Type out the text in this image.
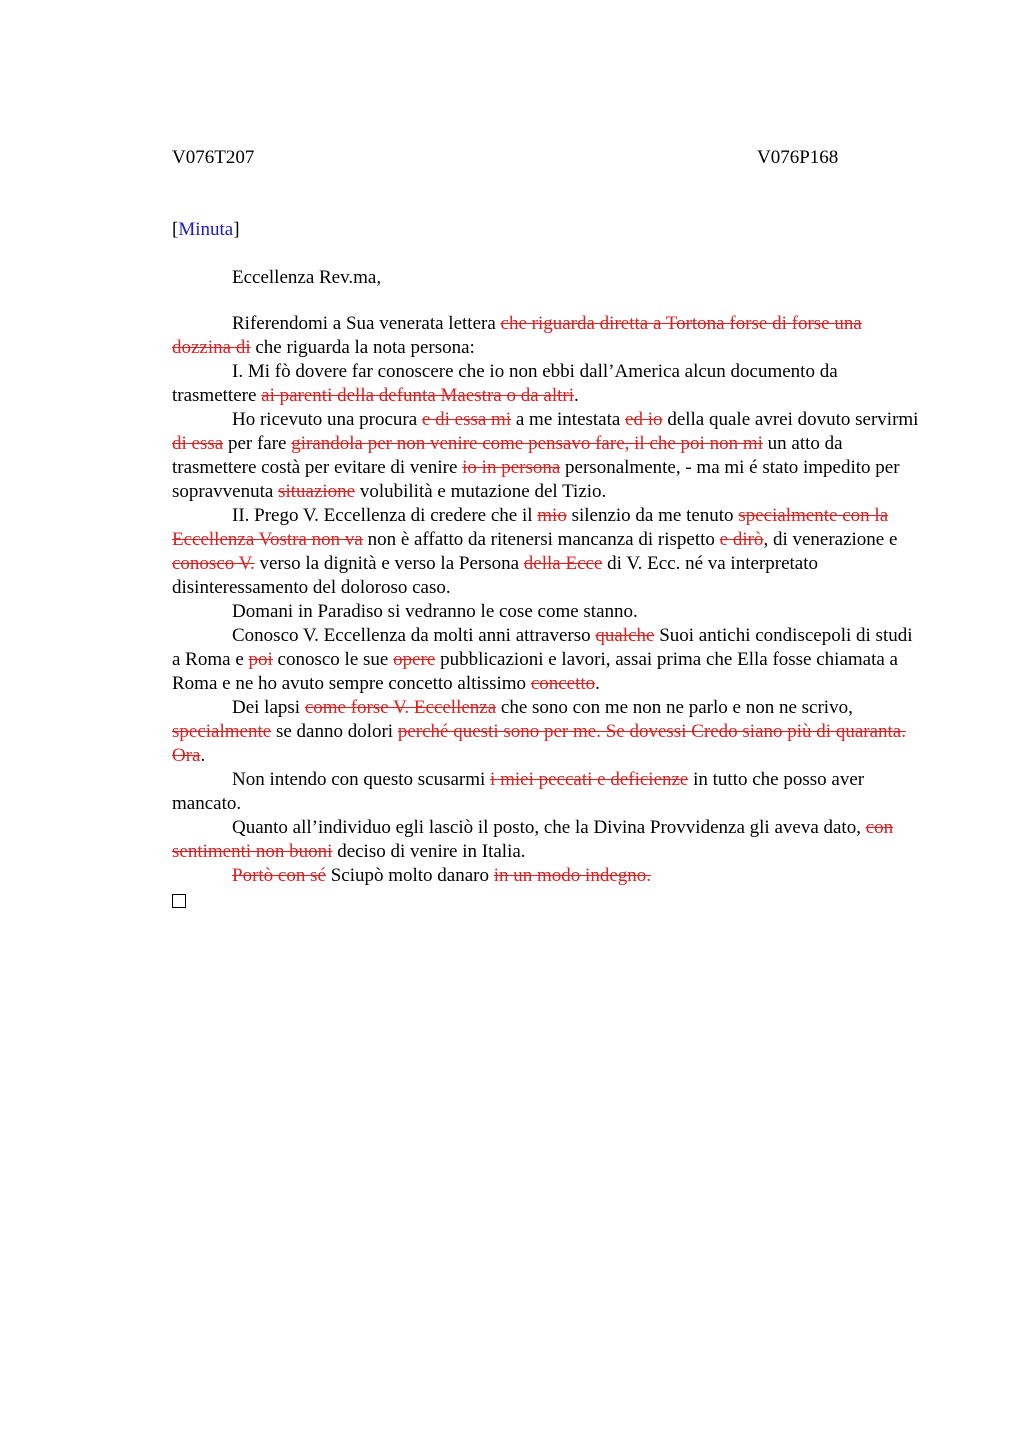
V076T207	V076P168
[Minuta]
Eccellenza Rev.ma,

Riferendomi a Sua venerata lettera che riguarda diretta a Tortona forse di forse una dozzina di che riguarda la nota persona:

I. Mi fò dovere far conoscere che io non ebbi dall’America alcun documento da trasmettere ai parenti della defunta Maestra o da altri.

Ho ricevuto una procura e di essa mi a me intestata ed io della quale avrei dovuto servirmi di essa per fare girandola per non venire come pensavo fare, il che poi non mi un atto da trasmettere costà per evitare di venire io in persona personalmente, - ma mi é stato impedito per sopravvenuta situazione volubilità e mutazione del Tizio.

II. Prego V. Eccellenza di credere che il mio silenzio da me tenuto specialmente con la Eccellenza Vostra non va non è affatto da ritenersi mancanza di rispetto e dirò, di venerazione e conosco V. verso la dignità e verso la Persona della Ecce di V. Ecc. né va interpretato disinteressamento del doloroso caso.

Domani in Paradiso si vedranno le cose come stanno.

Conosco V. Eccellenza da molti anni attraverso qualche Suoi antichi condiscepoli di studi a Roma e poi conosco le sue opere pubblicazioni e lavori, assai prima che Ella fosse chiamata a Roma e ne ho avuto sempre concetto altissimo concetto.

Dei lapsi come forse V. Eccellenza che sono con me non ne parlo e non ne scrivo, specialmente se danno dolori perché questi sono per me. Se dovessi Credo siano più di quaranta. Ora.

Non intendo con questo scusarmi i miei peccati e deficienze in tutto che posso aver mancato.

Quanto all’individuo egli lasciò il posto, che la Divina Provvidenza gli aveva dato, con sentimenti non buoni deciso di venire in Italia.

Portò con sé Sciupò molto danaro in un modo indegno.
